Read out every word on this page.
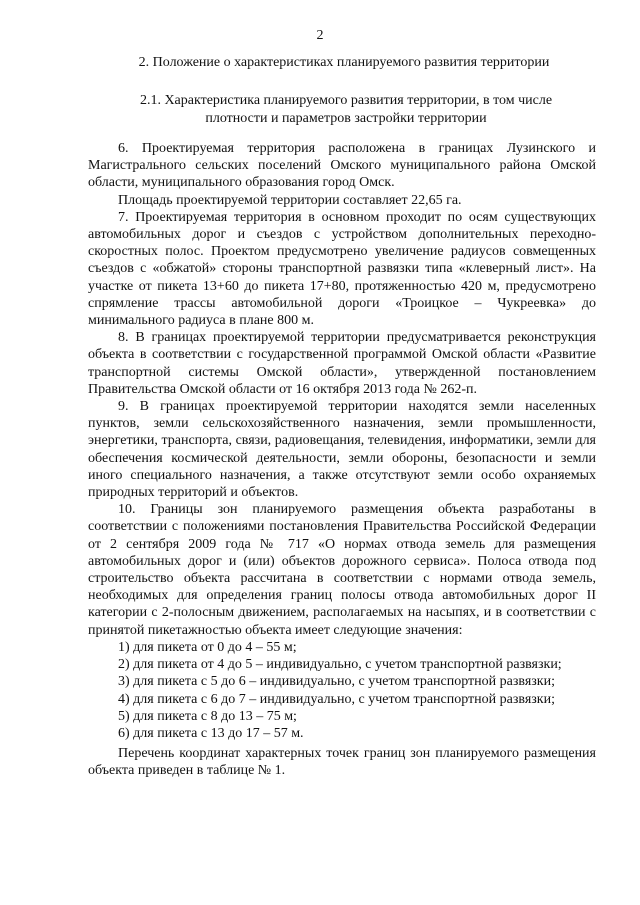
2
2. Положение о характеристиках планируемого развития территории
2.1. Характеристика планируемого развития территории, в том числе
плотности и параметров застройки территории

6. Проектируемая территория расположена в границах Лузинского и Магистрального сельских поселений Омского муниципального района Омской области, муниципального образования город Омск.

Площадь проектируемой территории составляет 22,65 га.

7. Проектируемая территория в основном проходит по осям существующих автомобильных дорог и съездов с устройством дополнительных переходно-скоростных полос. Проектом предусмотрено увеличение радиусов совмещенных съездов с «обжатой» стороны транспортной развязки типа «клеверный лист». На участке от пикета 13+60 до пикета 17+80, протяженностью 420 м, предусмотрено спрямление трассы автомобильной дороги «Троицкое – Чукреевка» до минимального радиуса в плане 800 м.

8. В границах проектируемой территории предусматривается реконструкция объекта в соответствии с государственной программой Омской области «Развитие транспортной системы Омской области», утвержденной постановлением Правительства Омской области от 16 октября 2013 года № 262-п.

9. В границах проектируемой территории находятся земли населенных пунктов, земли сельскохозяйственного назначения, земли промышленности, энергетики, транспорта, связи, радиовещания, телевидения, информатики, земли для обеспечения космической деятельности, земли обороны, безопасности и земли иного специального назначения, а также отсутствуют земли особо охраняемых природных территорий и объектов.

10. Границы зон планируемого размещения объекта разработаны в соответствии с положениями постановления Правительства Российской Федерации от 2 сентября 2009 года № 717 «О нормах отвода земель для размещения автомобильных дорог и (или) объектов дорожного сервиса». Полоса отвода под строительство объекта рассчитана в соответствии с нормами отвода земель, необходимых для определения границ полосы отвода автомобильных дорог II категории с 2-полосным движением, располагаемых на насыпях, и в соответствии с принятой пикетажностью объекта имеет следующие значения:

1) для пикета от 0 до 4 – 55 м;
2) для пикета от 4 до 5 – индивидуально, с учетом транспортной развязки;
3) для пикета с 5 до 6 – индивидуально, с учетом транспортной развязки;
4) для пикета с 6 до 7 – индивидуально, с учетом транспортной развязки;
5) для пикета с 8 до 13 – 75 м;
6) для пикета с 13 до 17 – 57 м.

Перечень координат характерных точек границ зон планируемого размещения объекта приведен в таблице № 1.
